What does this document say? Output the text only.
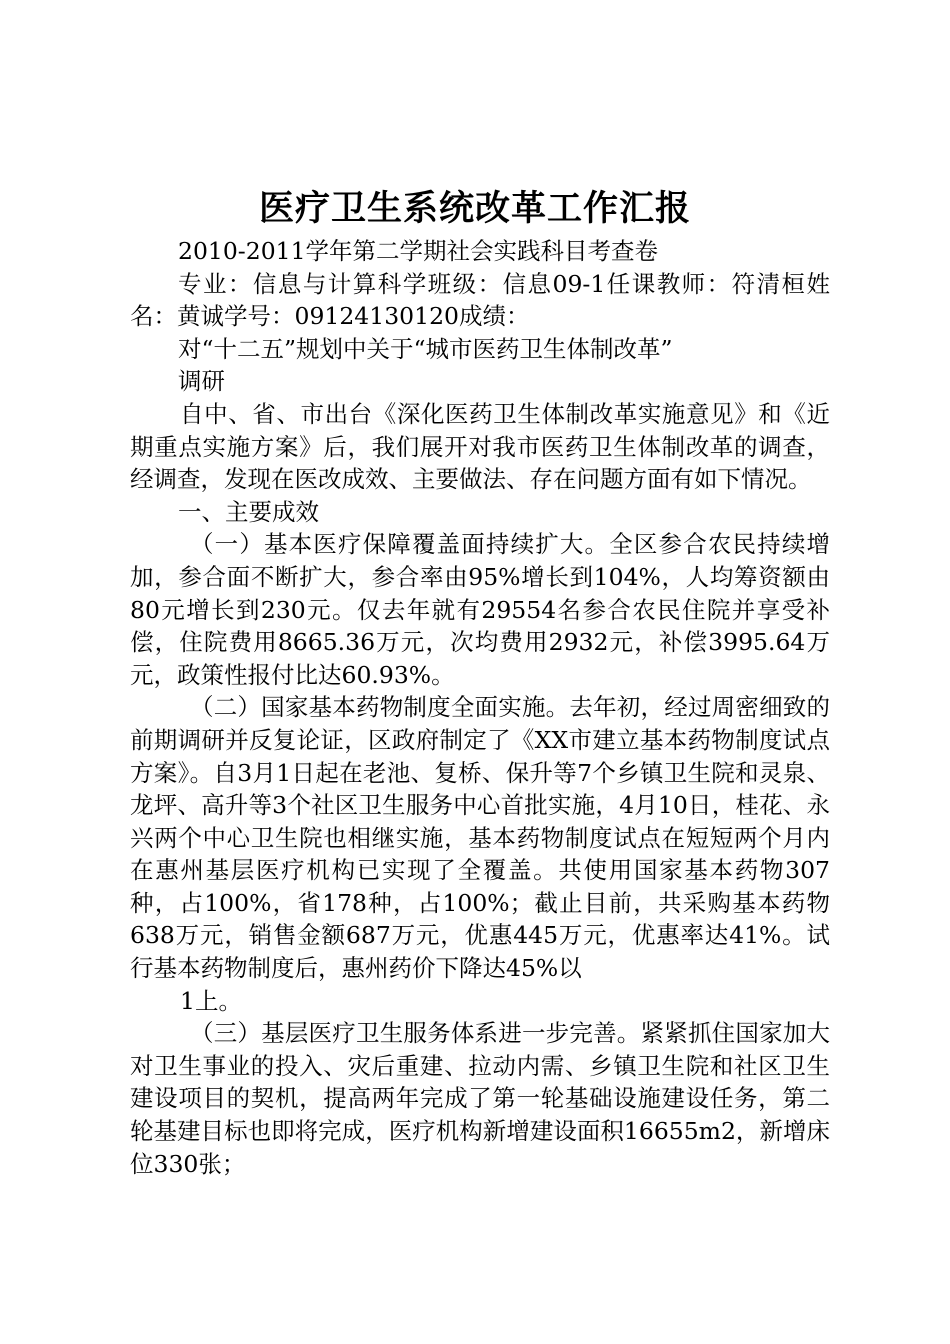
医疗卫生系统改革工作汇报

2010-2011学年第二学期社会实践科目考查卷

专业：信息与计算科学班级：信息09-1任课教师：符清桓姓名：黄诚学号：09124130120成绩：

对“十二五”规划中关于“城市医药卫生体制改革”

调研

自中、省、市出台《深化医药卫生体制改革实施意见》和《近期重点实施方案》后，我们展开对我市医药卫生体制改革的调查，经调查，发现在医改成效、主要做法、存在问题方面有如下情况。

一、主要成效

（一）基本医疗保障覆盖面持续扩大。全区参合农民持续增加，参合面不断扩大，参合率由95%增长到104%，人均筹资额由80元增长到230元。仅去年就有29554名参合农民住院并享受补偿，住院费用8665.36万元，次均费用2932元，补偿3995.64万元，政策性报付比达60.93%。

（二）国家基本药物制度全面实施。去年初，经过周密细致的前期调研并反复论证，区政府制定了《XX市建立基本药物制度试点方案》。自3月1日起在老池、复桥、保升等7个乡镇卫生院和灵泉、龙坪、高升等3个社区卫生服务中心首批实施，4月10日，桂花、永兴两个中心卫生院也相继实施，基本药物制度试点在短短两个月内在惠州基层医疗机构已实现了全覆盖。共使用国家基本药物307种，占100%，省178种，占100%；截止目前，共采购基本药物638万元，销售金额687万元，优惠445万元，优惠率达41%。试行基本药物制度后，惠州药价下降达45%以

1上。

（三）基层医疗卫生服务体系进一步完善。紧紧抓住国家加大对卫生事业的投入、灾后重建、拉动内需、乡镇卫生院和社区卫生建设项目的契机，提高两年完成了第一轮基础设施建设任务，第二轮基建目标也即将完成，医疗机构新增建设面积16655m2，新增床位330张；
